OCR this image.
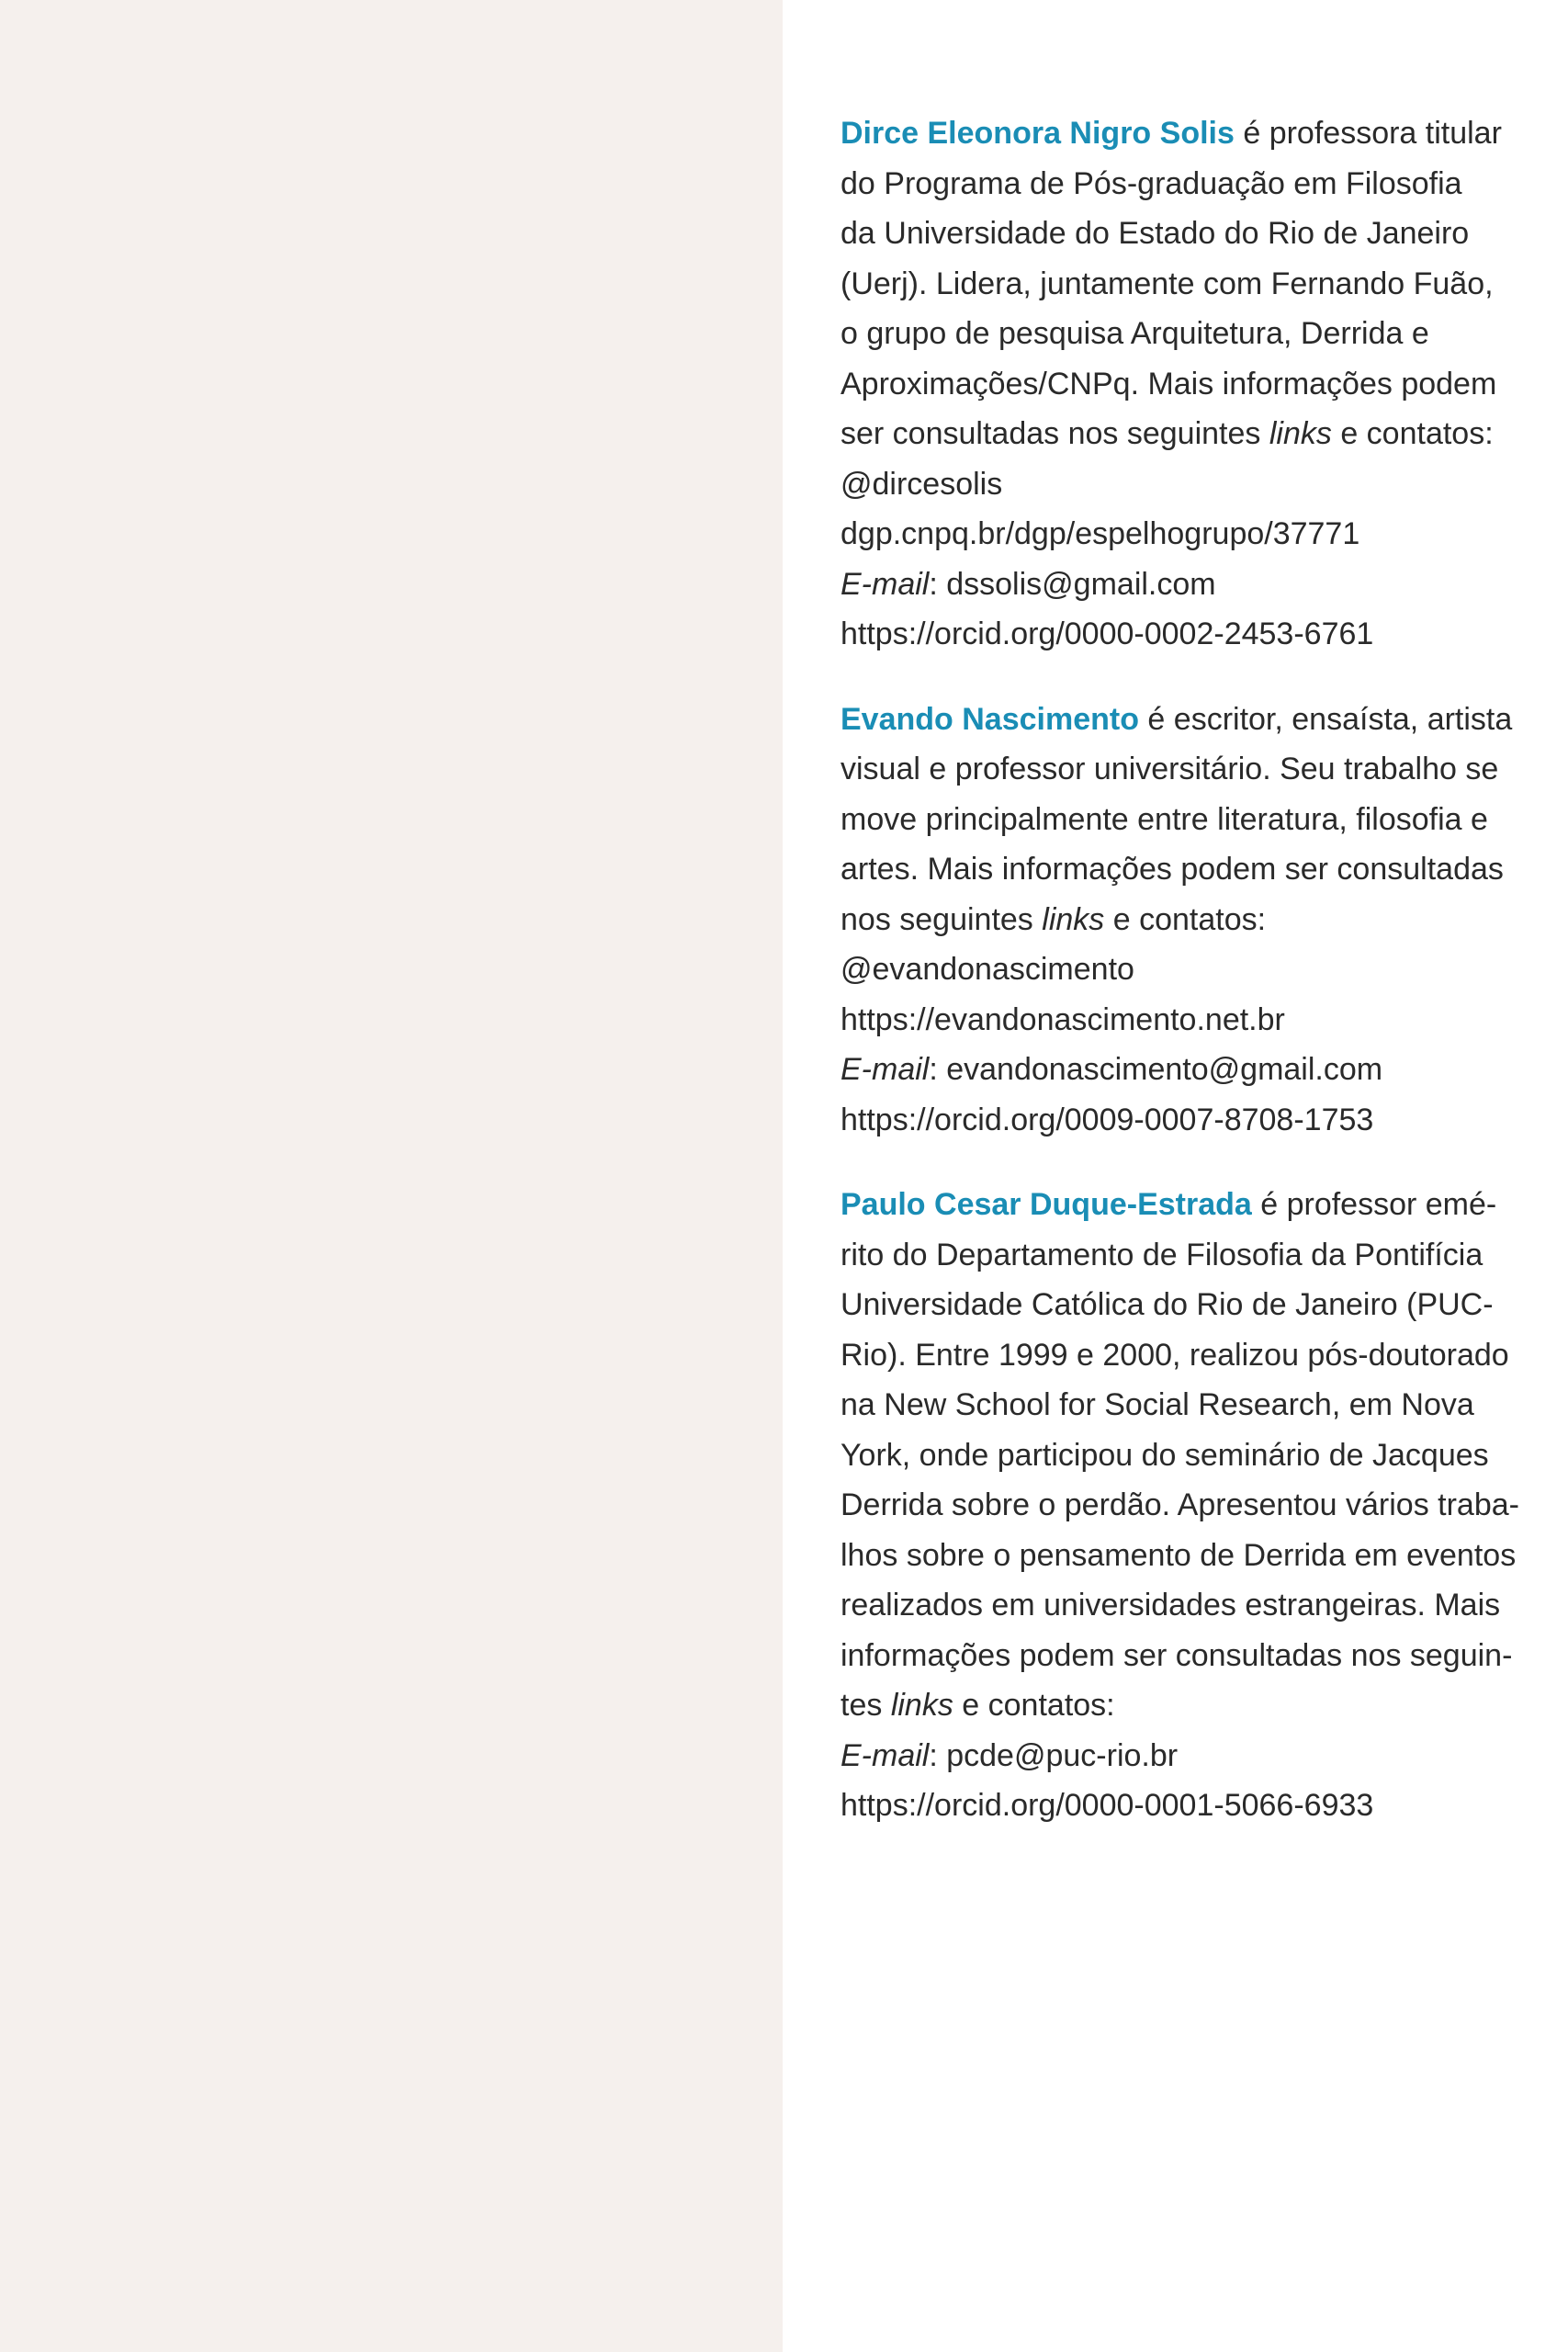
Dirce Eleonora Nigro Solis é professora titular
do Programa de Pós-graduação em Filosofia
da Universidade do Estado do Rio de Janeiro
(Uerj). Lidera, juntamente com Fernando Fuão,
o grupo de pesquisa Arquitetura, Derrida e
Aproximações/CNPq. Mais informações podem
ser consultadas nos seguintes links e contatos:
@dircesolis
dgp.cnpq.br/dgp/espelhogrupo/37771
E-mail: dssolis@gmail.com
https://orcid.org/0000-0002-2453-6761
Evando Nascimento é escritor, ensaísta, artista
visual e professor universitário. Seu trabalho se
move principalmente entre literatura, filosofia e
artes. Mais informações podem ser consultadas
nos seguintes links e contatos:
@evandonascimento
https://evandonascimento.net.br
E-mail: evandonascimento@gmail.com
https://orcid.org/0009-0007-8708-1753
Paulo Cesar Duque-Estrada é professor emé-
rito do Departamento de Filosofia da Pontifícia
Universidade Católica do Rio de Janeiro (PUC-
Rio). Entre 1999 e 2000, realizou pós-doutorado
na New School for Social Research, em Nova
York, onde participou do seminário de Jacques
Derrida sobre o perdão. Apresentou vários traba-
lhos sobre o pensamento de Derrida em eventos
realizados em universidades estrangeiras. Mais
informações podem ser consultadas nos seguin-
tes links e contatos:
E-mail: pcde@puc-rio.br
https://orcid.org/0000-0001-5066-6933
